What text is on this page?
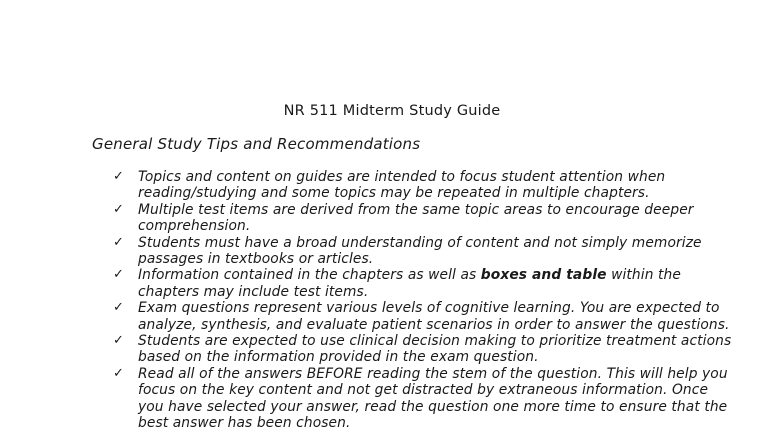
NR 511 Midterm Study Guide
General Study Tips and Recommendations
✓ Topics and content on guides are intended to focus student attention when reading/studying and some topics may be repeated in multiple chapters.
✓ Multiple test items are derived from the same topic areas to encourage deeper comprehension.
✓ Students must have a broad understanding of content and not simply memorize passages in textbooks or articles.
✓ Information contained in the chapters as well as boxes and table within the chapters may include test items.
✓ Exam questions represent various levels of cognitive learning. You are expected to analyze, synthesis, and evaluate patient scenarios in order to answer the questions.
✓ Students are expected to use clinical decision making to prioritize treatment actions based on the information provided in the exam question.
✓ Read all of the answers BEFORE reading the stem of the question. This will help you focus on the key content and not get distracted by extraneous information. Once you have selected your answer, read the question one more time to ensure that the best answer has been chosen.
